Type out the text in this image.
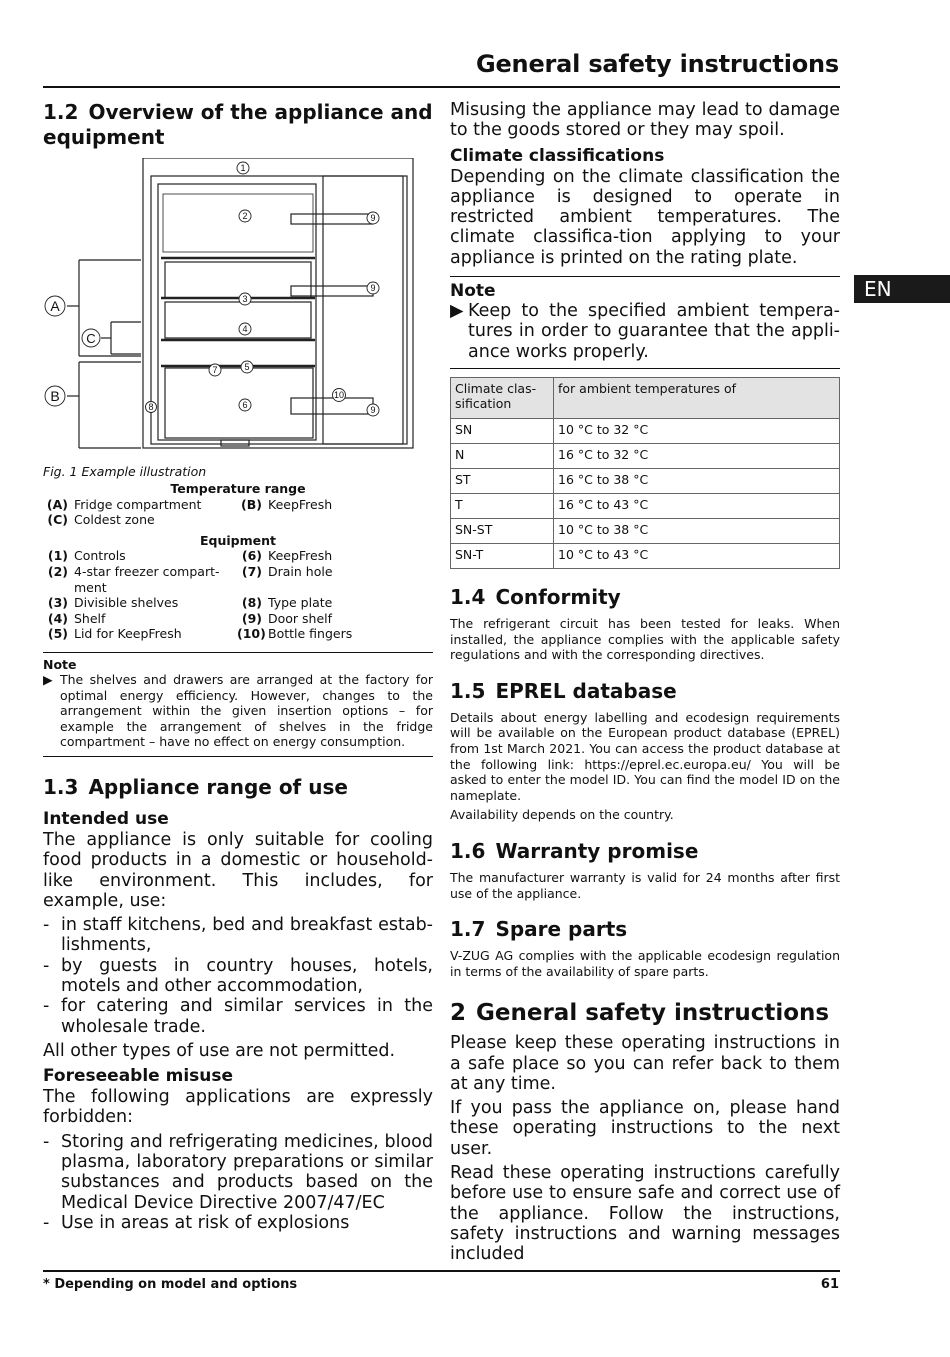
General safety instructions
EN
1.2 Overview of the appliance and equipment
A
B
C
1
2	9
9
3
4
5
7
8	6
10
9
Fig. 1 Example illustration
Temperature range
(A) Fridge compartment	(B) KeepFresh
(C) Coldest zone
Equipment
(1) Controls	(6) KeepFresh
(2) 4-star freezer compart-ment
(7) Drain hole
(3) Divisible shelves	(8) Type plate
(4) Shelf	(9) Door shelf
(5) Lid for KeepFresh	(10) Bottle fingers
Note
▶ The shelves and drawers are arranged at the factory for optimal energy efficiency. However, changes to the arrangement within the given insertion options – for example the arrangement of shelves in the fridge compartment – have no effect on energy consumption.
1.3 Appliance range of use
Intended use

The appliance is only suitable for cooling food products in a domestic or household-like environment. This includes, for example, use:

- in staff kitchens, bed and breakfast estab-lishments,
- by guests in country houses, hotels, motels and other accommodation,
- for catering and similar services in the wholesale trade.

All other types of use are not permitted.

Foreseeable misuse

The following applications are expressly forbidden:

- Storing and refrigerating medicines, blood plasma, laboratory preparations or similar substances and products based on the Medical Device Directive 2007/47/EC
- Use in areas at risk of explosions

Misusing the appliance may lead to damage to the goods stored or they may spoil.

Climate classifications

Depending on the climate classification the appliance is designed to operate in restricted ambient temperatures. The climate classifica-tion applying to your appliance is printed on the rating plate.

Note
▶ Keep to the specified ambient tempera-tures in order to guarantee that the appli-ance works properly.
Climate clas-sification	for ambient temperatures of
SN	10 °C to 32 °C
N	16 °C to 32 °C
ST	16 °C to 38 °C
T	16 °C to 43 °C
SN-ST	10 °C to 38 °C
SN-T	10 °C to 43 °C
1.4 Conformity

The refrigerant circuit has been tested for leaks. When installed, the appliance complies with the applicable safety regulations and with the corresponding directives.

1.5 EPREL database

Details about energy labelling and ecodesign requirements will be available on the European product database (EPREL) from 1st March 2021. You can access the product database at the following link: https://eprel.ec.europa.eu/ You will be asked to enter the model ID. You can find the model ID on the nameplate.

Availability depends on the country.

1.6 Warranty promise

The manufacturer warranty is valid for 24 months after first use of the appliance.

1.7 Spare parts

V-ZUG AG complies with the applicable ecodesign regulation in terms of the availability of spare parts.

2 General safety instructions

Please keep these operating instructions in a safe place so you can refer back to them at any time.

If you pass the appliance on, please hand these operating instructions to the next user.

Read these operating instructions carefully before use to ensure safe and correct use of the appliance. Follow the instructions, safety instructions and warning messages included

* Depending on model and options	61
